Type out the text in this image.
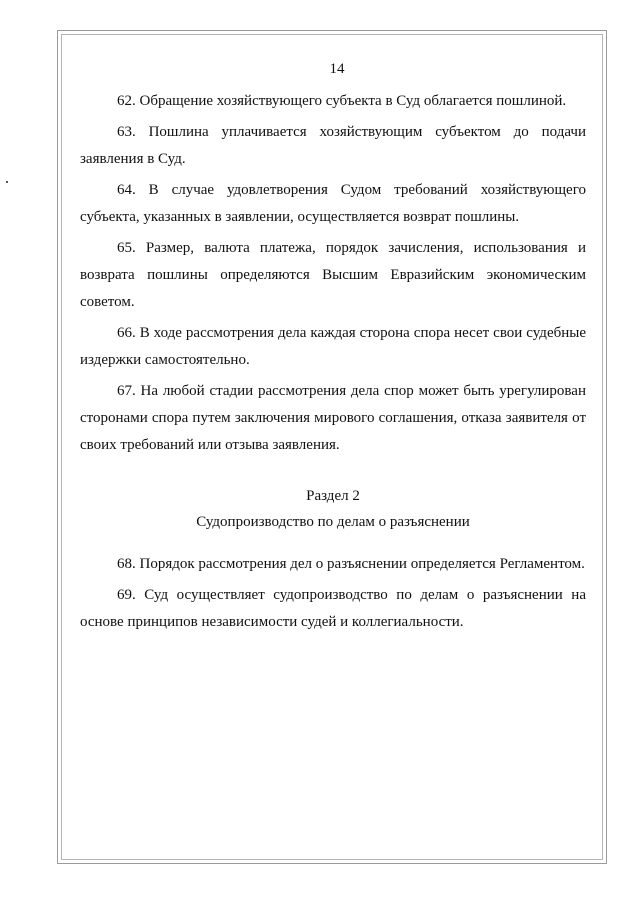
14

62. Обращение хозяйствующего субъекта в Суд облагается пошлиной.

63. Пошлина уплачивается хозяйствующим субъектом до подачи заявления в Суд.

64. В случае удовлетворения Судом требований хозяйствующего субъекта, указанных в заявлении, осуществляется возврат пошлины.

65. Размер, валюта платежа, порядок зачисления, использования и возврата пошлины определяются Высшим Евразийским экономическим советом.

66. В ходе рассмотрения дела каждая сторона спора несет свои судебные издержки самостоятельно.

67. На любой стадии рассмотрения дела спор может быть урегулирован сторонами спора путем заключения мирового соглашения, отказа заявителя от своих требований или отзыва заявления.

Раздел 2
Судопроизводство по делам о разъяснении

68. Порядок рассмотрения дел о разъяснении определяется Регламентом.

69. Суд осуществляет судопроизводство по делам о разъяснении на основе принципов независимости судей и коллегиальности.
